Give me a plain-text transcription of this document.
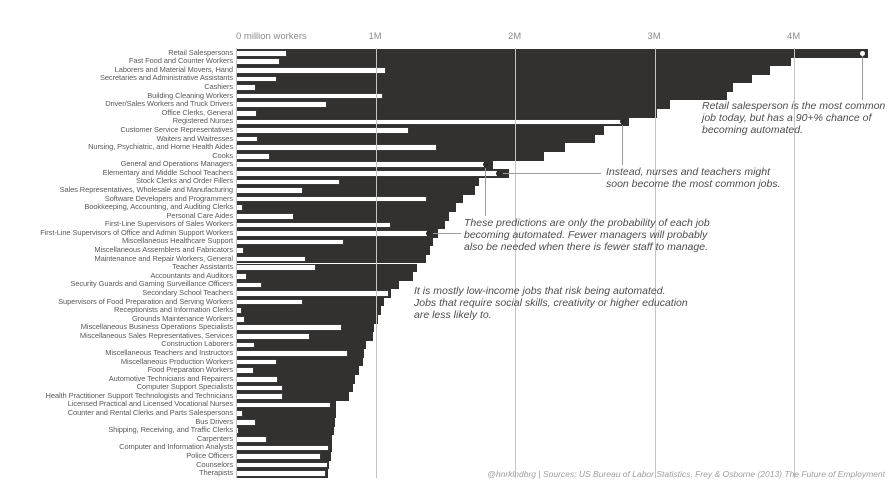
0 million workers	1M	2M	3M	4M
Retail Salespersons
Fast Food and Counter Workers
Laborers and Material Movers, Hand
Secretaries and Administrative Assistants
Cashiers
Building Cleaning Workers
Driver/Sales Workers and Truck Drivers
Office Clerks, General
Registered Nurses
Customer Service Representatives
Waiters and Waitresses
Nursing, Psychiatric, and Home Health Aides
Cooks
General and Operations Managers
Elementary and Middle School Teachers
Stock Clerks and Order Fillers
Sales Representatives, Wholesale and Manufacturing
Software Developers and Programmers
Bookkeeping, Accounting, and Auditing Clerks
Personal Care Aides
First-Line Supervisors of Sales Workers
First-Line Supervisors of Office and Admin Support Workers
Miscellaneous Healthcare Support
Miscellaneous Assemblers and Fabricators
Maintenance and Repair Workers, General
Teacher Assistants
Accountants and Auditors
Security Guards and Gaming Surveillance Officers
Secondary School Teachers
Supervisors of Food Preparation and Serving Workers
Receptionists and Information Clerks
Grounds Maintenance Workers
Miscellaneous Business Operations Specialists
Miscellaneous Sales Representatives, Services
Construction Laborers
Miscellaneous Teachers and Instructors
Miscellaneous Production Workers
Food Preparation Workers
Automotive Technicians and Repairers
Computer Support Specialists
Health Practitioner Support Technologists and Technicians
Licensed Practical and Licensed Vocational Nurses
Counter and Rental Clerks and Parts Salespersons
Bus Drivers
Shipping, Receiving, and Traffic Clerks
Carpenters
Computer and Information Analysts
Police Officers
Counselors
Therapists
Retail salesperson is the most common
job today, but has a 90+% chance of
becoming automated.
Instead, nurses and teachers might
soon become the most common jobs.
These predictions are only the probability of each job
becoming automated. Fewer managers will probably
also be needed when there is fewer staff to manage.
It is mostly low-income jobs that risk being automated.
Jobs that require social skills, creativity or higher education
are less likely to.
@hnrklndbrg | Sources: US Bureau of Labor Statistics, Frey & Osborne (2013) The Future of Employment
